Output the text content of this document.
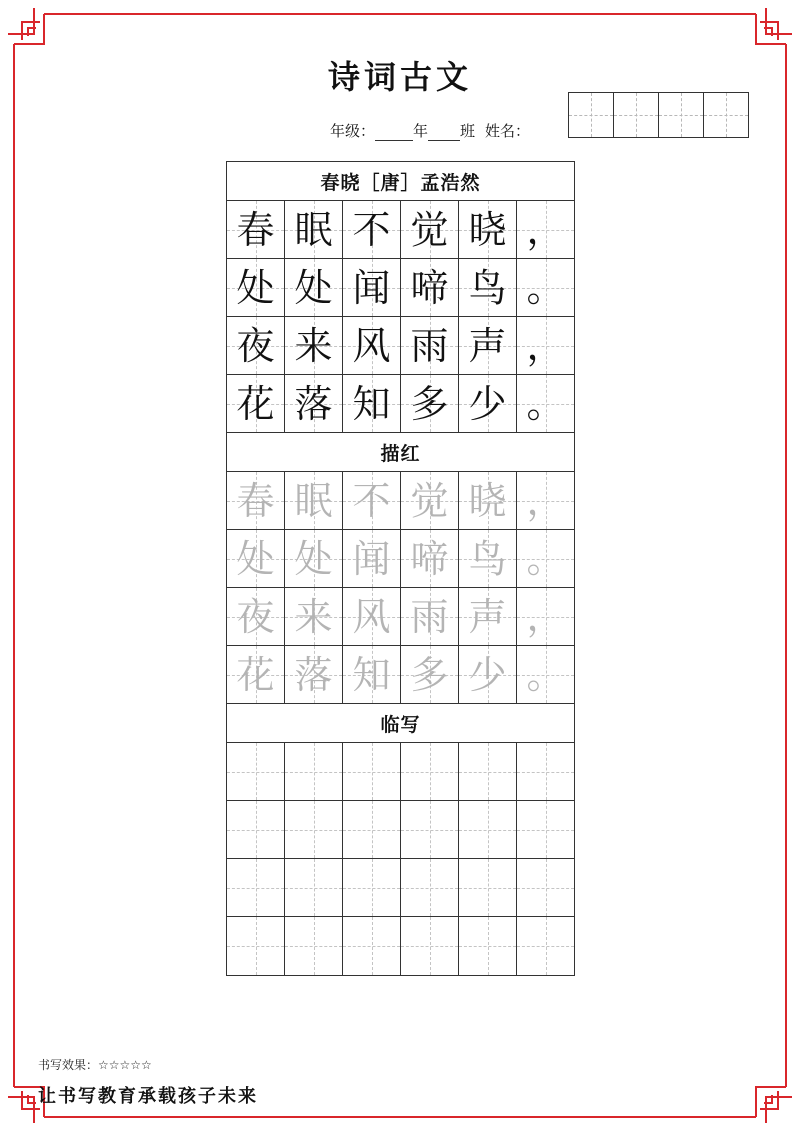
诗词古文
年级：	年 班 姓名：
春晓［唐］孟浩然
春 眠 不 觉 晓 ，
处 处 闻 啼 鸟 。
夜 来 风 雨 声 ，
花 落 知 多 少 。
描红
春 眠 不 觉 晓 ，
处 处 闻 啼 鸟 。
夜 来 风 雨 声 ，
花 落 知 多 少 。
临写
书写效果：☆☆☆☆☆
让书写教育承载孩子未来
